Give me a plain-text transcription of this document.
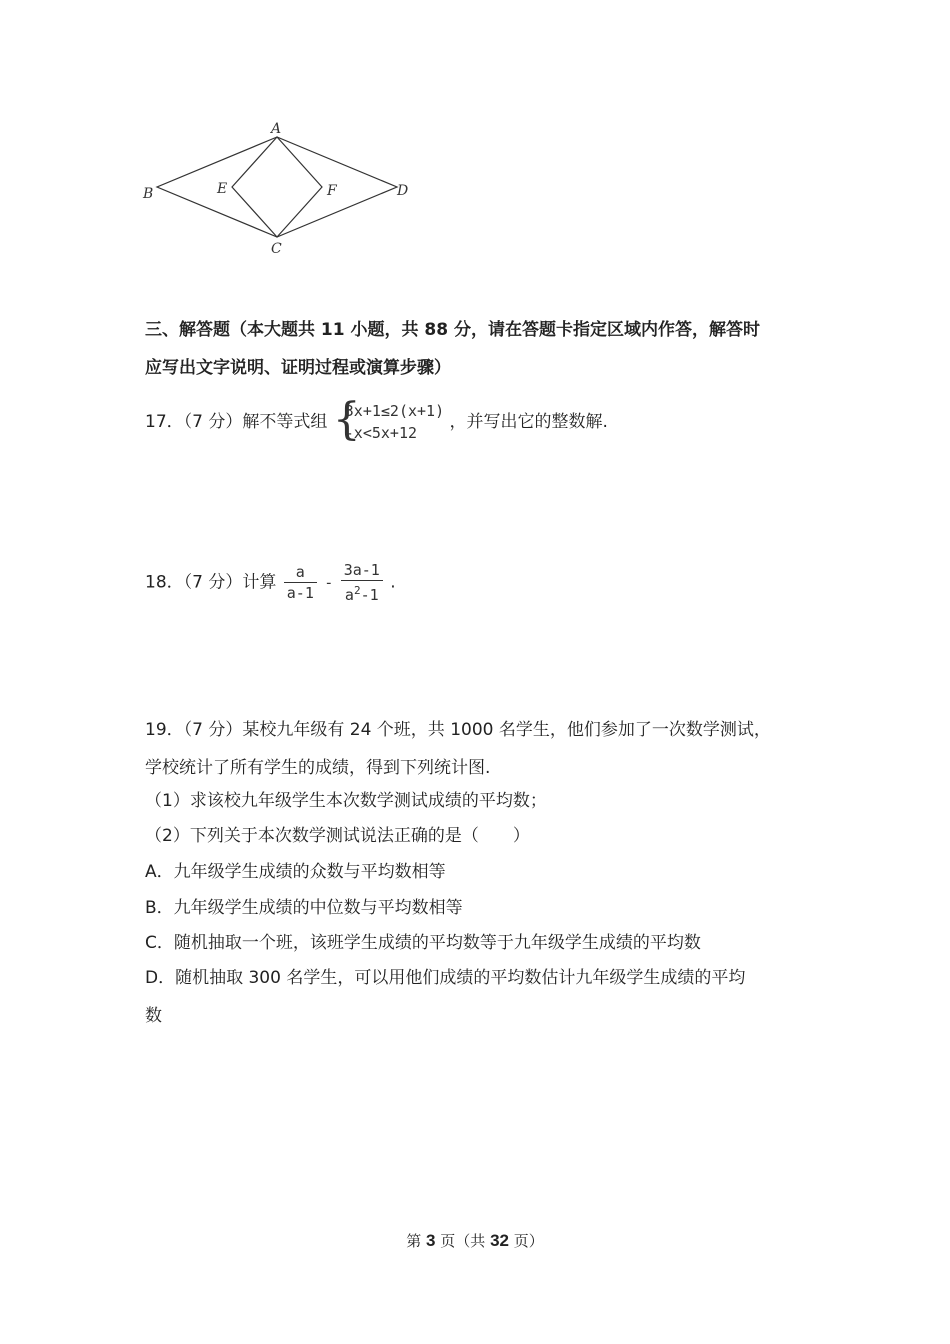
A
B
C
D
E	F
三、解答题（本大题共 11 小题，共 88 分，请在答题卡指定区域内作答，解答时
应写出文字说明、证明过程或演算步骤）
17．（7 分）解不等式组 {
3x+1≤2(x+1)
-x<5x+12
，并写出它的整数解.
18．（7 分）计算 $\frac{a}{a-1} - \frac{3a-1}{a^2-1}$ .
19．（7 分）某校九年级有 24 个班，共 1000 名学生，他们参加了一次数学测试，
学校统计了所有学生的成绩，得到下列统计图.
（1）求该校九年级学生本次数学测试成绩的平均数；
（2）下列关于本次数学测试说法正确的是（　　）
A．九年级学生成绩的众数与平均数相等
B．九年级学生成绩的中位数与平均数相等
C．随机抽取一个班，该班学生成绩的平均数等于九年级学生成绩的平均数
D．随机抽取 300 名学生，可以用他们成绩的平均数估计九年级学生成绩的平均
数
第 3 页（共 32 页）
